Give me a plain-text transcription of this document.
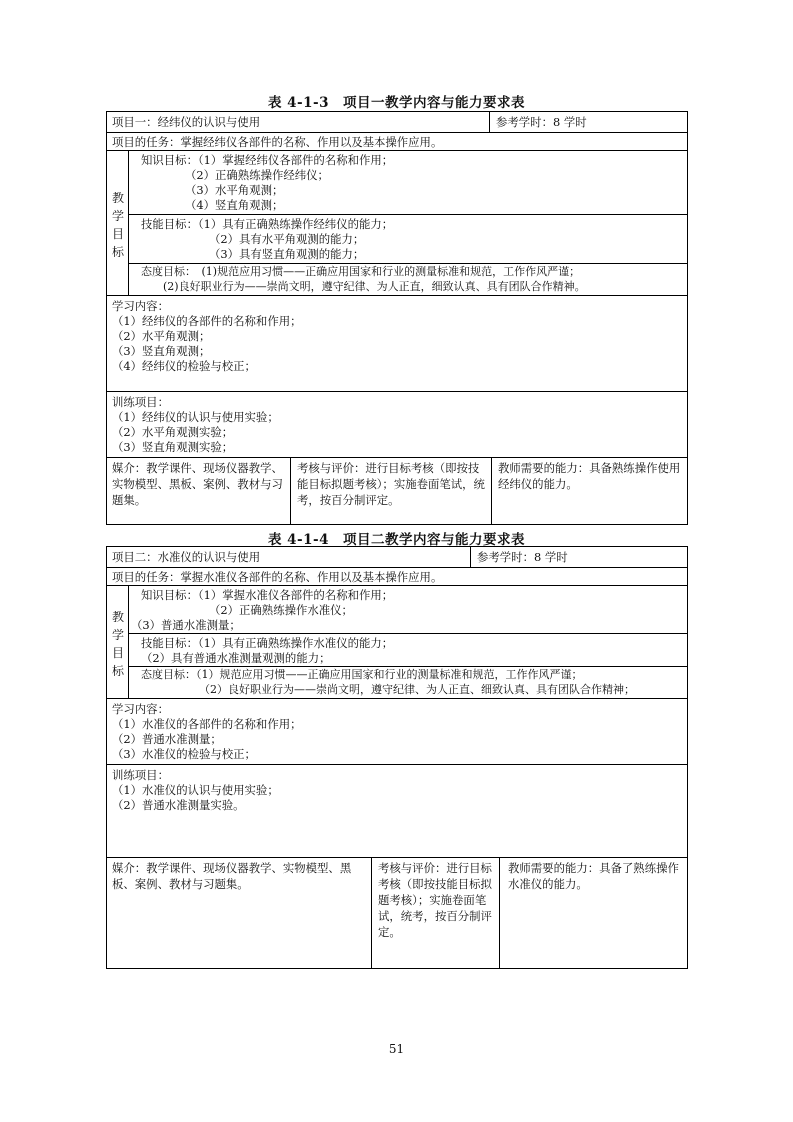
表 4-1-3　项目一教学内容与能力要求表
项目一：经纬仪的认识与使用	参考学时：8 学时
项目的任务：掌握经纬仪各部件的名称、作用以及基本操作应用。
教
学
目
标
知识目标：（1）掌握经纬仪各部件的名称和作用；
（2）正确熟练操作经纬仪；
（3）水平角观测；
（4）竖直角观测；
技能目标：（1）具有正确熟练操作经纬仪的能力；
（2）具有水平角观测的能力；
（3）具有竖直角观测的能力；
态度目标：　(1)规范应用习惯——正确应用国家和行业的测量标准和规范，工作作风严谨；
(2)良好职业行为——崇尚文明，遵守纪律、为人正直，细致认真、具有团队合作精神。
学习内容：
（1）经纬仪的各部件的名称和作用；
（2）水平角观测；
（3）竖直角观测；
（4）经纬仪的检验与校正；
训练项目：
（1）经纬仪的认识与使用实验；
（2）水平角观测实验；
（3）竖直角观测实验；
媒介：教学课件、现场仪器教学、实物模型、黑板、案例、教材与习题集。
考核与评价：进行目标考核（即按技能目标拟题考核）；实施卷面笔试，统考，按百分制评定。
教师需要的能力：具备熟练操作使用经纬仪的能力。
表 4-1-4　项目二教学内容与能力要求表
项目二：水准仪的认识与使用	参考学时：8 学时
项目的任务：掌握水准仪各部件的名称、作用以及基本操作应用。
教
学
目
标
知识目标：（1）掌握水准仪各部件的名称和作用；
（2）正确熟练操作水准仪；
（3）普通水准测量；
技能目标：（1）具有正确熟练操作水准仪的能力；
（2）具有普通水准测量观测的能力；
态度目标：（1）规范应用习惯——正确应用国家和行业的测量标准和规范，工作作风严谨；
（2）良好职业行为——崇尚文明，遵守纪律、为人正直、细致认真、具有团队合作精神；
学习内容：
（1）水准仪的各部件的名称和作用；
（2）普通水准测量；
（3）水准仪的检验与校正；
训练项目：
（1）水准仪的认识与使用实验；
（2）普通水准测量实验。
媒介：教学课件、现场仪器教学、实物模型、黑板、案例、教材与习题集。
考核与评价：进行目标考核（即按技能目标拟题考核）；实施卷面笔试，统考，按百分制评定。
教师需要的能力：具备了熟练操作水准仪的能力。
51
